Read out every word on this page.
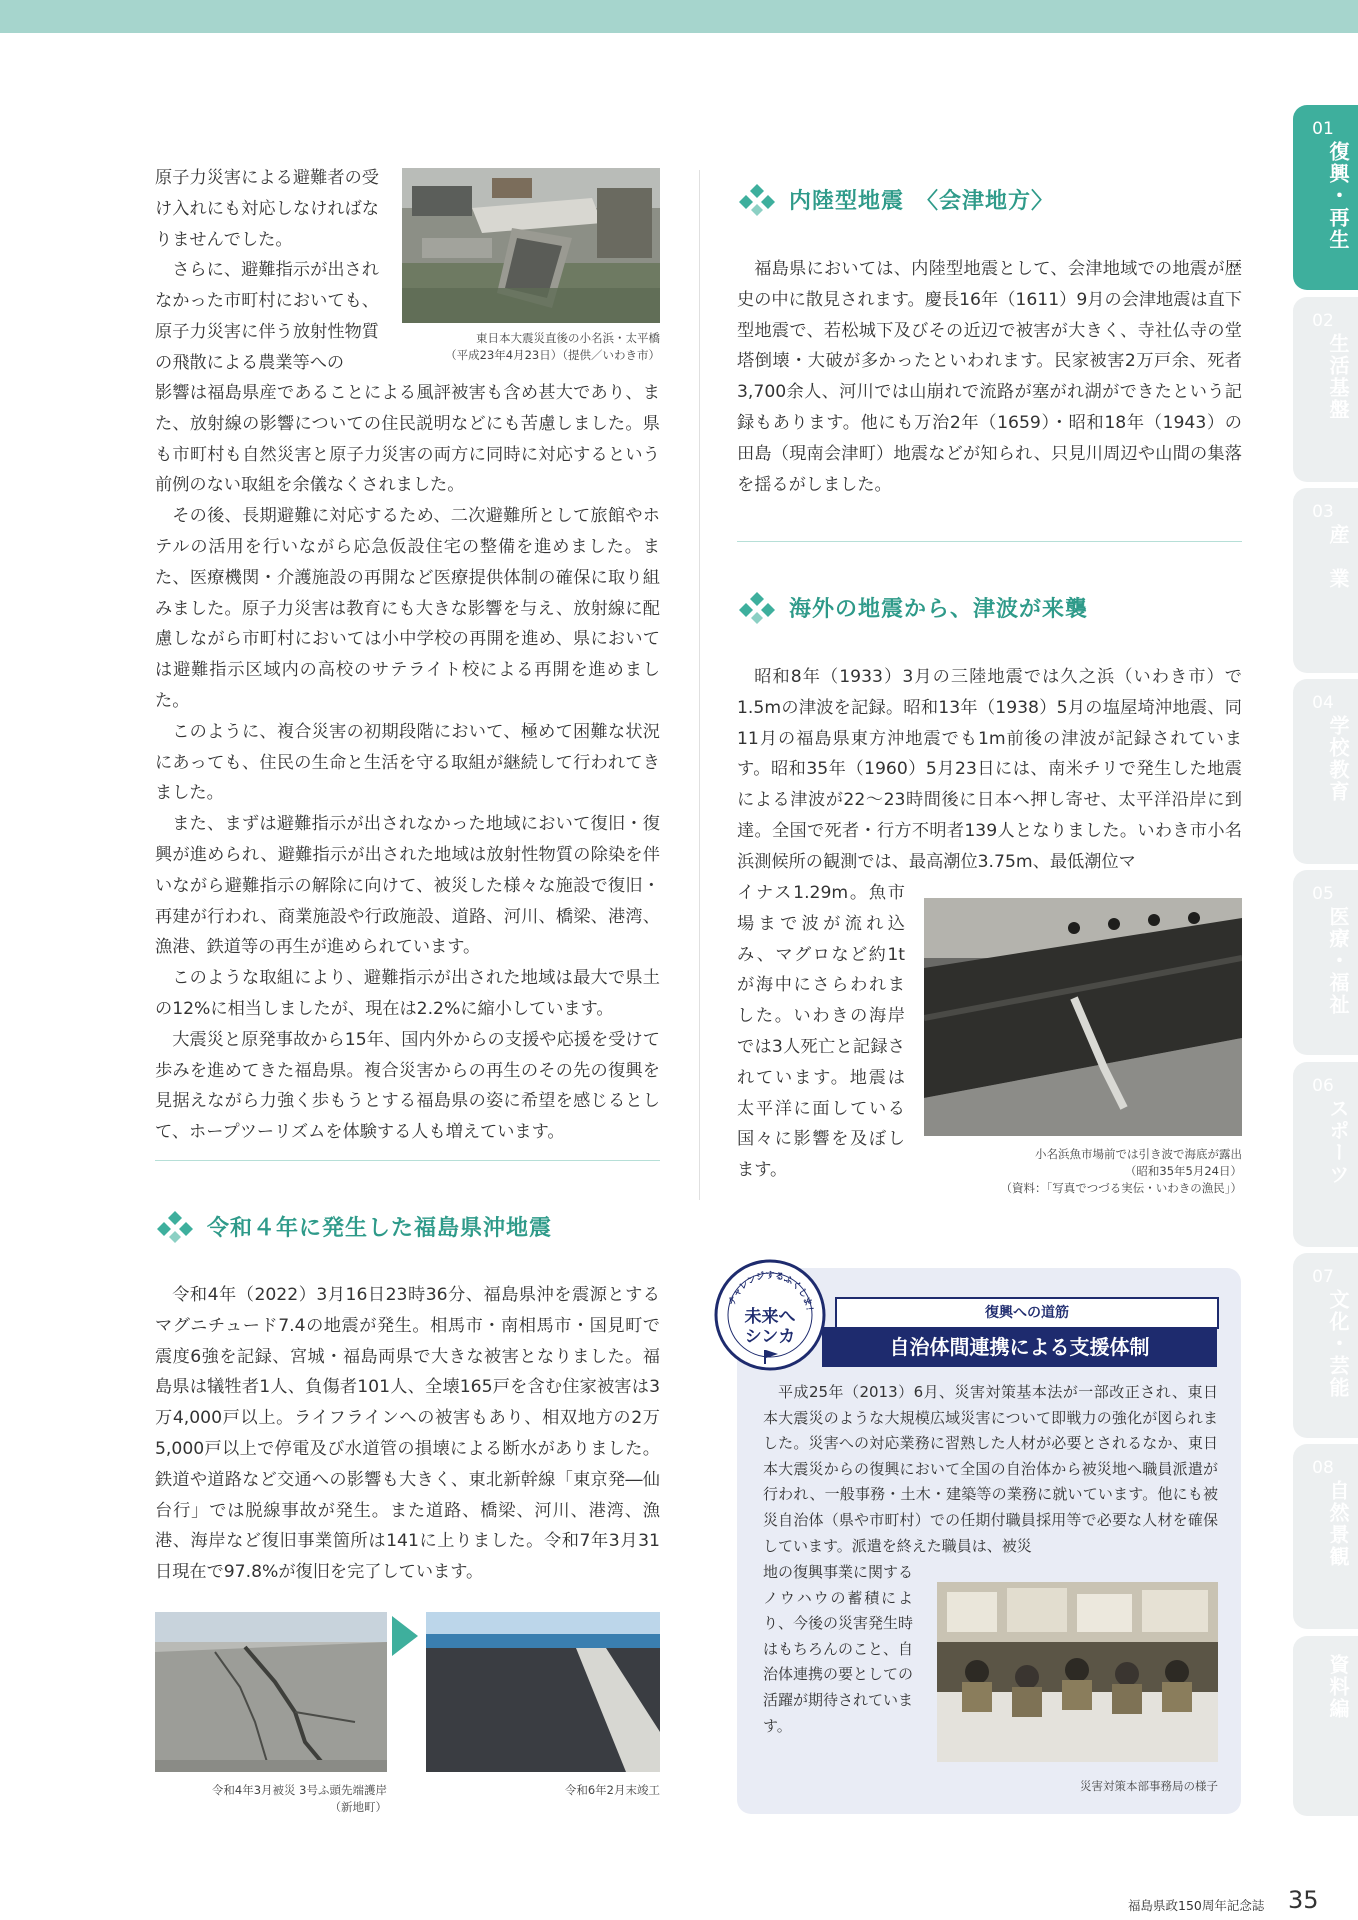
01
復興・再生
02
生活基盤
03
産　業
04
学校教育
05
医療・福祉
06
スポーツ
07
文化・芸能
08
自然景観
資料編
東日本大震災直後の小名浜・太平橋
（平成23年4月23日）（提供／いわき市）

原子力災害による避難者の受け入れにも対応しなければなりませんでした。

さらに、避難指示が出されなかった市町村においても、原子力災害に伴う放射性物質の飛散による農業等への

影響は福島県産であることによる風評被害も含め甚大であり、また、放射線の影響についての住民説明などにも苦慮しました。県も市町村も自然災害と原子力災害の両方に同時に対応するという前例のない取組を余儀なくされました。

その後、長期避難に対応するため、二次避難所として旅館やホテルの活用を行いながら応急仮設住宅の整備を進めました。また、医療機関・介護施設の再開など医療提供体制の確保に取り組みました。原子力災害は教育にも大きな影響を与え、放射線に配慮しながら市町村においては小中学校の再開を進め、県においては避難指示区域内の高校のサテライト校による再開を進めました。

このように、複合災害の初期段階において、極めて困難な状況にあっても、住民の生命と生活を守る取組が継続して行われてきました。

また、まずは避難指示が出されなかった地域において復旧・復興が進められ、避難指示が出された地域は放射性物質の除染を伴いながら避難指示の解除に向けて、被災した様々な施設で復旧・再建が行われ、商業施設や行政施設、道路、河川、橋梁、港湾、漁港、鉄道等の再生が進められています。

このような取組により、避難指示が出された地域は最大で県土の12%に相当しましたが、現在は2.2%に縮小しています。

大震災と原発事故から15年、国内外からの支援や応援を受けて歩みを進めてきた福島県。複合災害からの再生のその先の復興を見据えながら力強く歩もうとする福島県の姿に希望を感じるとして、ホープツーリズムを体験する人も増えています。

令和４年に発生した福島県沖地震

令和4年（2022）3月16日23時36分、福島県沖を震源とするマグニチュード7.4の地震が発生。相馬市・南相馬市・国見町で震度6強を記録、宮城・福島両県で大きな被害となりました。福島県は犠牲者1人、負傷者101人、全壊165戸を含む住家被害は3万4,000戸以上。ライフラインへの被害もあり、相双地方の2万5,000戸以上で停電及び水道管の損壊による断水がありました。鉄道や道路など交通への影響も大きく、東北新幹線「東京発―仙台行」では脱線事故が発生。また道路、橋梁、河川、港湾、漁港、海岸など復旧事業箇所は141に上りました。令和7年3月31日現在で97.8%が復旧を完了しています。

令和4年3月被災 3号ふ頭先端護岸
（新地町）
令和6年2月末竣工
内陸型地震　〈会津地方〉

福島県においては、内陸型地震として、会津地域での地震が歴史の中に散見されます。慶長16年（1611）9月の会津地震は直下型地震で、若松城下及びその近辺で被害が大きく、寺社仏寺の堂塔倒壊・大破が多かったといわれます。民家被害2万戸余、死者3,700余人、河川では山崩れで流路が塞がれ湖ができたという記録もあります。他にも万治2年（1659）・昭和18年（1943）の田島（現南会津町）地震などが知られ、只見川周辺や山間の集落を揺るがしました。

海外の地震から、津波が来襲

昭和8年（1933）3月の三陸地震では久之浜（いわき市）で1.5mの津波を記録。昭和13年（1938）5月の塩屋埼沖地震、同11月の福島県東方沖地震でも1m前後の津波が記録されています。昭和35年（1960）5月23日には、南米チリで発生した地震による津波が22～23時間後に日本へ押し寄せ、太平洋沿岸に到達。全国で死者・行方不明者139人となりました。いわき市小名浜測候所の観測では、最高潮位3.75m、最低潮位マ

イナス1.29m。魚市場まで波が流れ込み、マグロなど約1tが海中にさらわれました。いわきの海岸では3人死亡と記録されています。地震は太平洋に面している国々に影響を及ぼします。

小名浜魚市場前では引き波で海底が露出
（昭和35年5月24日）
（資料：「写真でつづる実伝・いわきの漁民」）
チャレンジするふくしま！
未来へ
シンカ
復興への道筋
自治体間連携による支援体制

平成25年（2013）6月、災害対策基本法が一部改正され、東日本大震災のような大規模広域災害について即戦力の強化が図られました。災害への対応業務に習熟した人材が必要とされるなか、東日本大震災からの復興において全国の自治体から被災地へ職員派遣が行われ、一般事務・土木・建築等の業務に就いています。他にも被災自治体（県や市町村）での任期付職員採用等で必要な人材を確保しています。派遣を終えた職員は、被災

地の復興事業に関するノウハウの蓄積により、今後の災害発生時はもちろんのこと、自治体連携の要としての活躍が期待されています。

災害対策本部事務局の様子
福島県政150周年記念誌 35
